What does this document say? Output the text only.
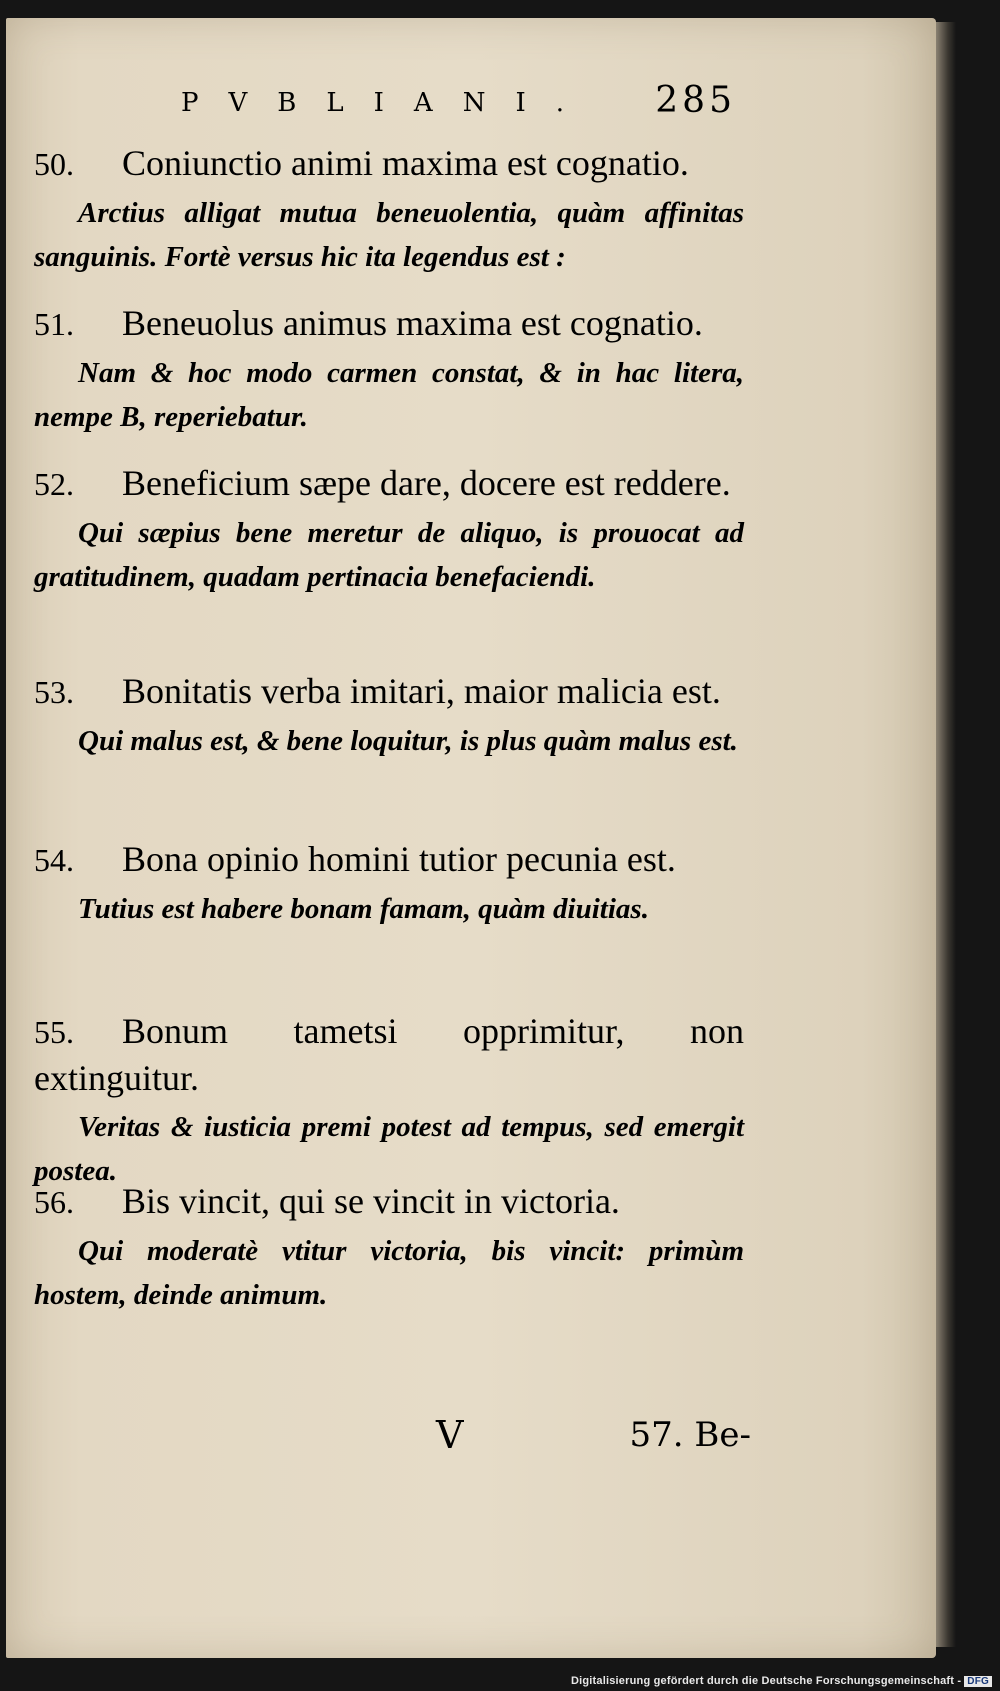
PVBLIANI. 285

50. Coniunctio animi maxima est cognatio.

Arctius alligat mutua beneuolentia, quàm affinitas sanguinis. Fortè versus hic ita legendus est :

51. Beneuolus animus maxima est cognatio.

Nam & hoc modo carmen constat, & in hac litera, nempe B, reperiebatur.

52. Beneficium sæpe dare, docere est reddere.

Qui sæpius bene meretur de aliquo, is prouocat ad gratitudinem, quadam pertinacia benefaciendi.

53. Bonitatis verba imitari, maior malicia est.

Qui malus est, & bene loquitur, is plus quàm malus est.

54. Bona opinio homini tutior pecunia est.

Tutius est habere bonam famam, quàm diuitias.

55. Bonum tametsi opprimitur, non extinguitur.

Veritas & iusticia premi potest ad tempus, sed emergit postea.

56. Bis vincit, qui se vincit in victoria.

Qui moderatè vtitur victoria, bis vincit: primùm hostem, deinde animum.

V	57. Be-
Digitalisierung gefördert durch die Deutsche Forschungsgemeinschaft - DFG
